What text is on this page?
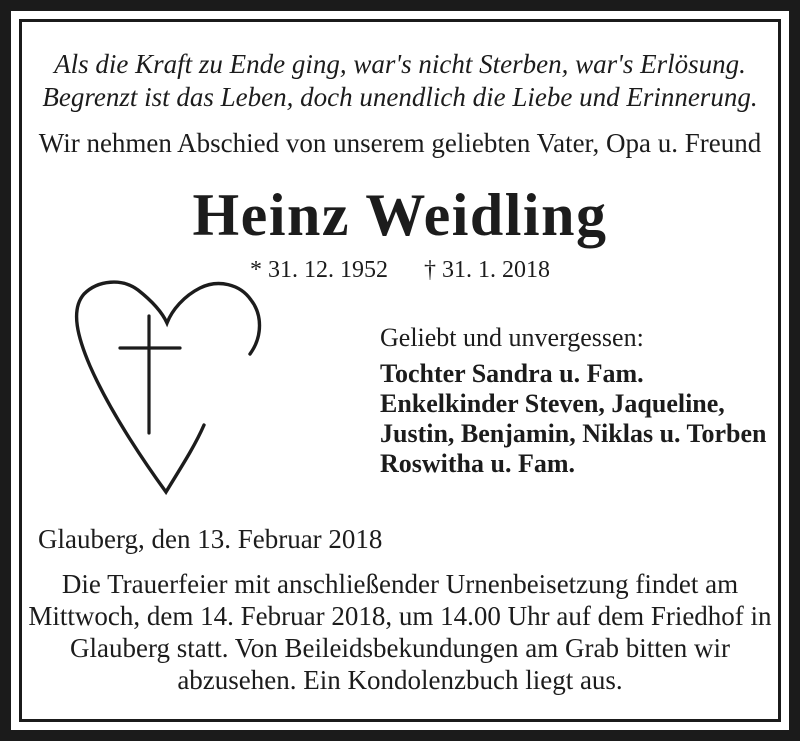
Als die Kraft zu Ende ging, war's nicht Sterben, war's Erlösung.
Begrenzt ist das Leben, doch unendlich die Liebe und Erinnerung.
Wir nehmen Abschied von unserem geliebten Vater, Opa u. Freund
Heinz Weidling
* 31. 12. 1952 † 31. 1. 2018
Geliebt und unvergessen:
Tochter Sandra u. Fam.
Enkelkinder Steven, Jaqueline,
Justin, Benjamin, Niklas u. Torben
Roswitha u. Fam.
Glauberg, den 13. Februar 2018
Die Trauerfeier mit anschließender Urnenbeisetzung findet am
Mittwoch, dem 14. Februar 2018, um 14.00 Uhr auf dem Friedhof in
Glauberg statt. Von Beileidsbekundungen am Grab bitten wir
abzusehen. Ein Kondolenzbuch liegt aus.
